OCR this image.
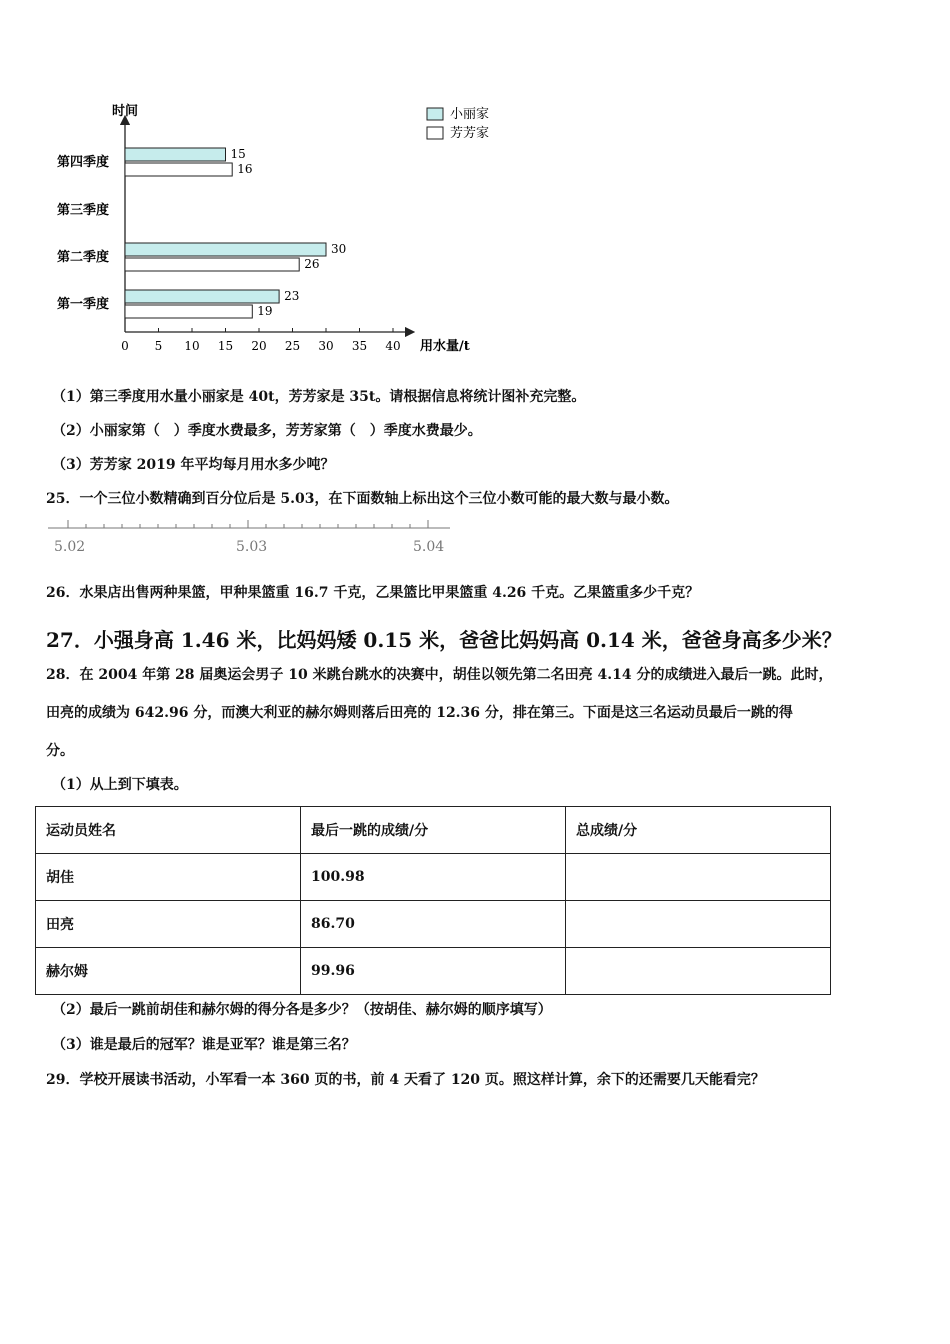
时间
用水量/t
第一季度
第二季度
第三季度
第四季度
23
30
15
19
26
16
0 5 10 15 20 25 30 35 40
小丽家
芳芳家
（1）第三季度用水量小丽家是 40t，芳芳家是 35t。请根据信息将统计图补充完整。
（2）小丽家第（　）季度水费最多，芳芳家第（　）季度水费最少。
（3）芳芳家 2019 年平均每月用水多少吨？
25．一个三位小数精确到百分位后是 5.03，在下面数轴上标出这个三位小数可能的最大数与最小数。
5.02	5.03	5.04
26．水果店出售两种果篮，甲种果篮重 16.7 千克，乙果篮比甲果篮重 4.26 千克。乙果篮重多少千克？
27．小强身高 1.46 米，比妈妈矮 0.15 米，爸爸比妈妈高 0.14 米，爸爸身高多少米？
28．在 2004 年第 28 届奥运会男子 10 米跳台跳水的决赛中，胡佳以领先第二名田亮 4.14 分的成绩进入最后一跳。此时，
田亮的成绩为 642.96 分，而澳大利亚的赫尔姆则落后田亮的 12.36 分，排在第三。下面是这三名运动员最后一跳的得
分。
（1）从上到下填表。
运动员姓名	最后一跳的成绩/分	总成绩/分
胡佳	100.98	
田亮	86.70	
赫尔姆	99.96	
（2）最后一跳前胡佳和赫尔姆的得分各是多少？（按胡佳、赫尔姆的顺序填写）
（3）谁是最后的冠军？谁是亚军？谁是第三名？
29．学校开展读书活动，小军看一本 360 页的书，前 4 天看了 120 页。照这样计算，余下的还需要几天能看完？
